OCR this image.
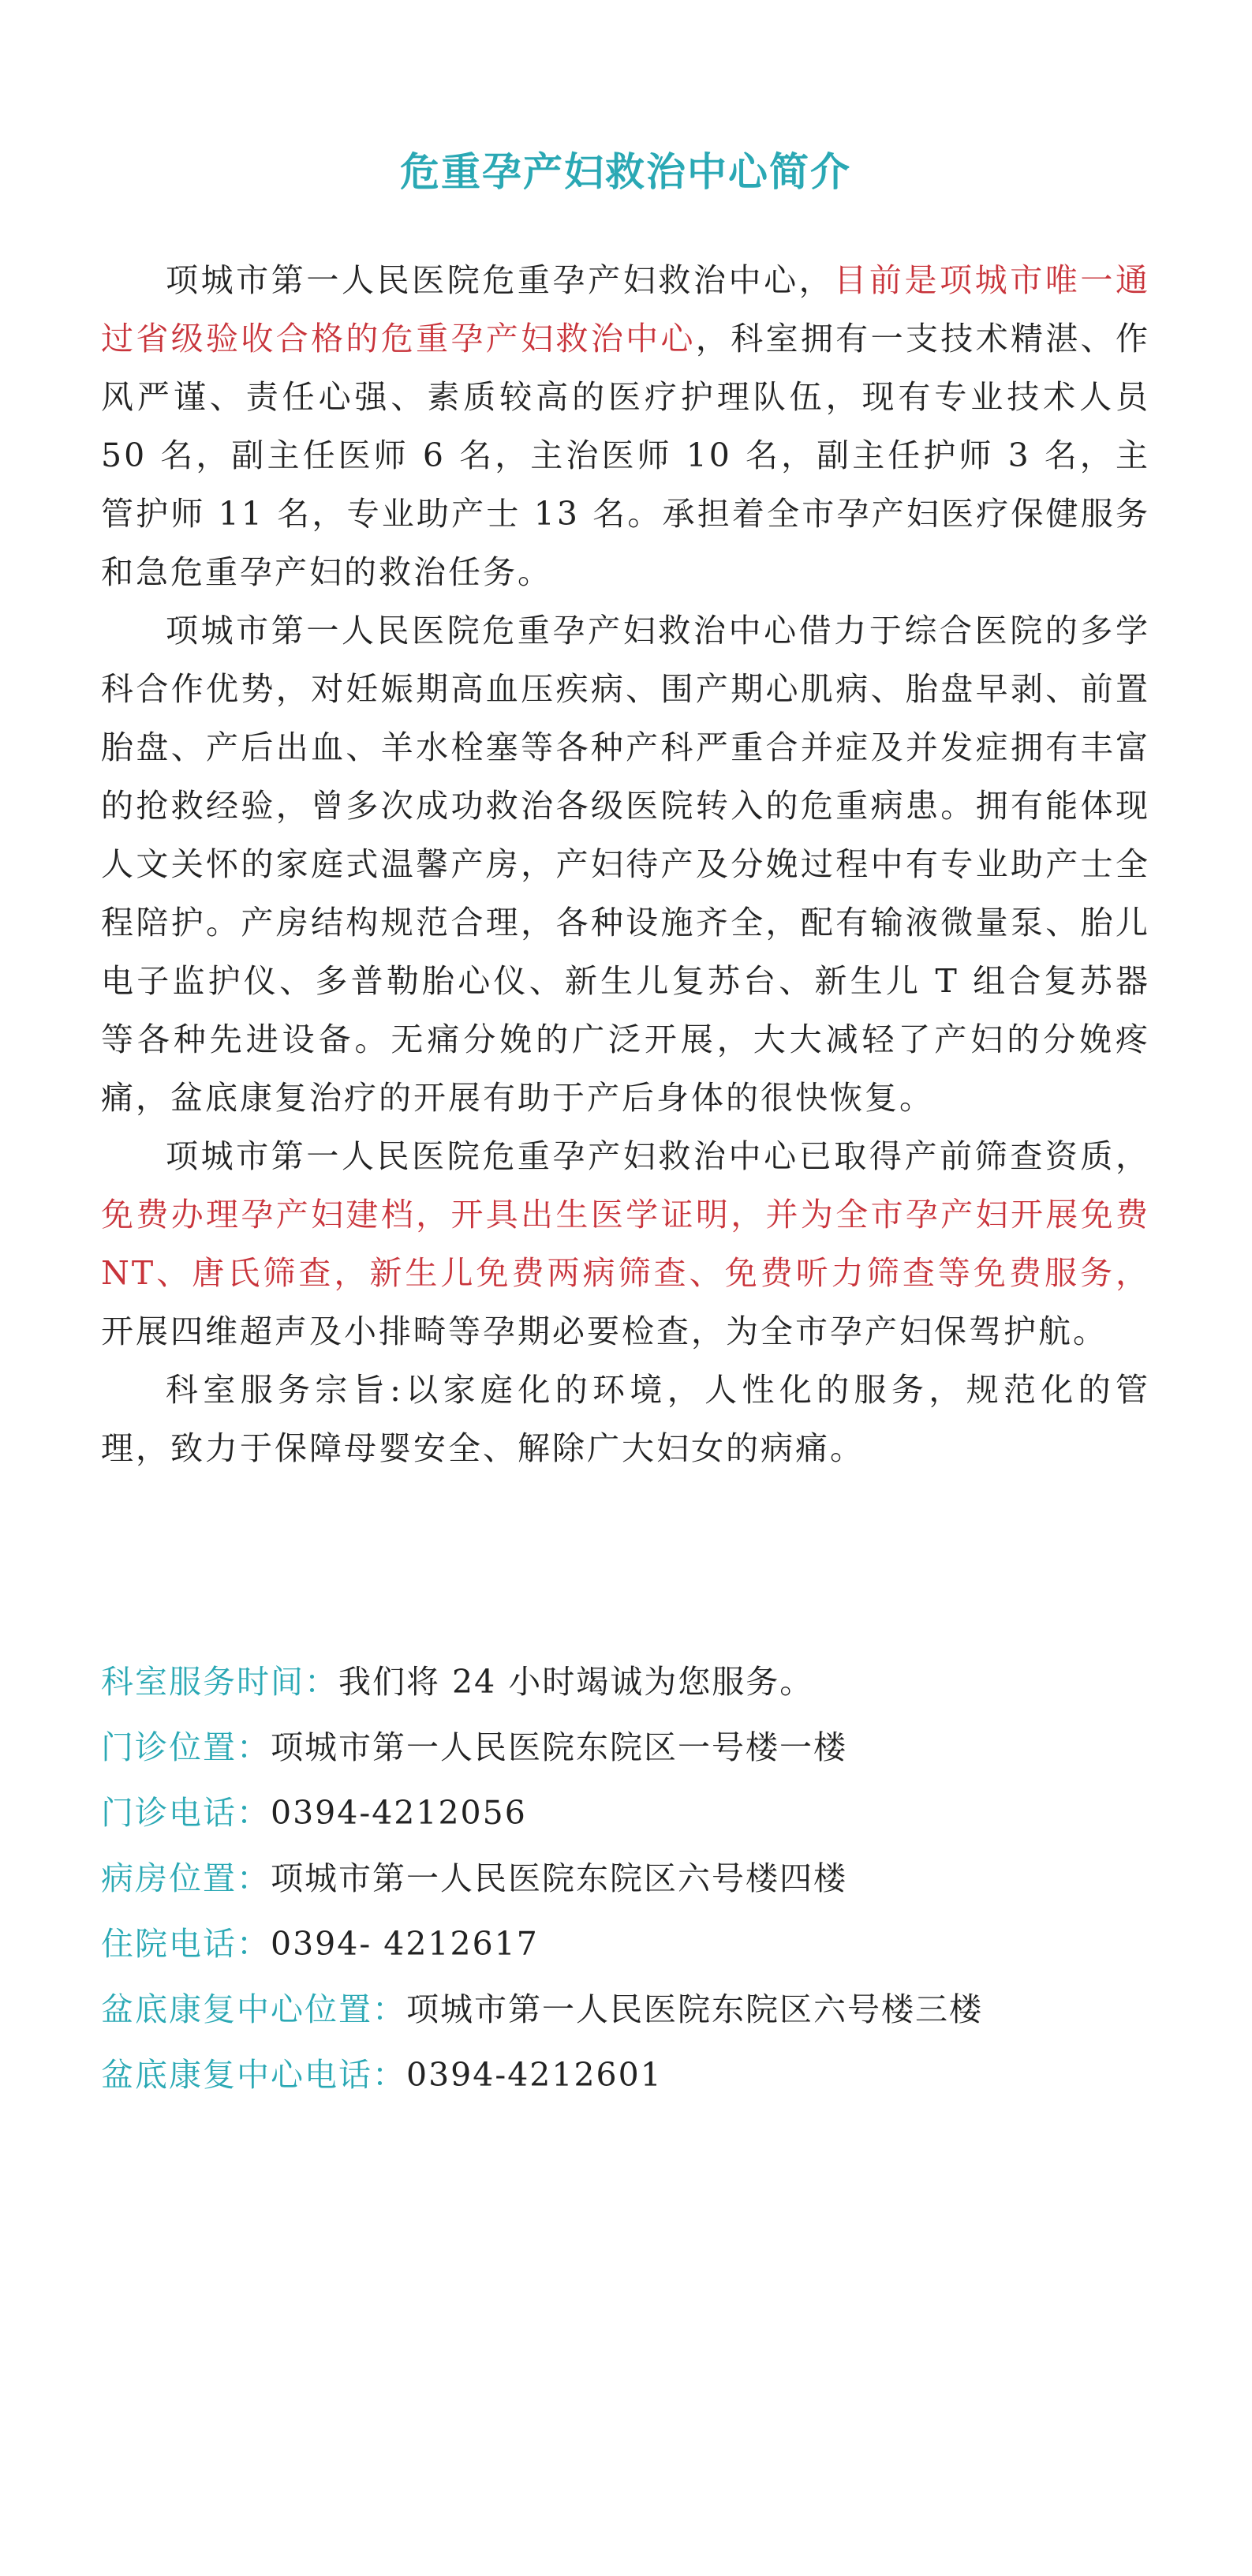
危重孕产妇救治中心简介

项城市第一人民医院危重孕产妇救治中心，目前是项城市唯一通过省级验收合格的危重孕产妇救治中心，科室拥有一支技术精湛、作风严谨、责任心强、素质较高的医疗护理队伍，现有专业技术人员 50 名，副主任医师 6 名，主治医师 10 名，副主任护师 3 名，主管护师 11 名，专业助产士 13 名。承担着全市孕产妇医疗保健服务和急危重孕产妇的救治任务。

项城市第一人民医院危重孕产妇救治中心借力于综合医院的多学科合作优势，对妊娠期高血压疾病、围产期心肌病、胎盘早剥、前置胎盘、产后出血、羊水栓塞等各种产科严重合并症及并发症拥有丰富的抢救经验，曾多次成功救治各级医院转入的危重病患。拥有能体现人文关怀的家庭式温馨产房，产妇待产及分娩过程中有专业助产士全程陪护。产房结构规范合理，各种设施齐全，配有输液微量泵、胎儿电子监护仪、多普勒胎心仪、新生儿复苏台、新生儿 T 组合复苏器等各种先进设备。无痛分娩的广泛开展，大大减轻了产妇的分娩疼痛，盆底康复治疗的开展有助于产后身体的很快恢复。

项城市第一人民医院危重孕产妇救治中心已取得产前筛查资质，免费办理孕产妇建档，开具出生医学证明，并为全市孕产妇开展免费 NT、唐氏筛查，新生儿免费两病筛查、免费听力筛查等免费服务，开展四维超声及小排畸等孕期必要检查，为全市孕产妇保驾护航。

科室服务宗旨:以家庭化的环境，人性化的服务，规范化的管理，致力于保障母婴安全、解除广大妇女的病痛。

科室服务时间：我们将 24 小时竭诚为您服务。

门诊位置：项城市第一人民医院东院区一号楼一楼

门诊电话：0394-4212056

病房位置：项城市第一人民医院东院区六号楼四楼

住院电话：0394- 4212617

盆底康复中心位置：项城市第一人民医院东院区六号楼三楼

盆底康复中心电话：0394-4212601
